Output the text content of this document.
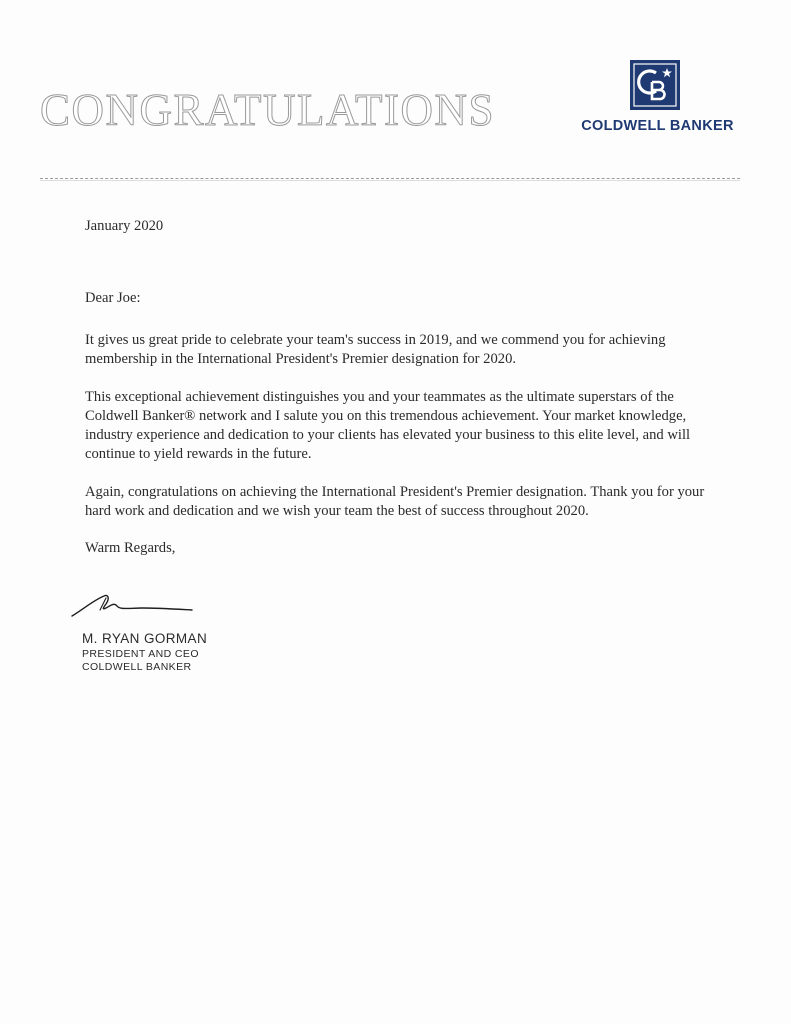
CONGRATULATIONS	COLDWELL BANKER
January 2020
Dear Joe:

It gives us great pride to celebrate your team's success in 2019, and we commend you for achieving membership in the International President's Premier designation for 2020.

This exceptional achievement distinguishes you and your teammates as the ultimate superstars of the Coldwell Banker® network and I salute you on this tremendous achievement. Your market knowledge, industry experience and dedication to your clients has elevated your business to this elite level, and will continue to yield rewards in the future.

Again, congratulations on achieving the International President's Premier designation. Thank you for your hard work and dedication and we wish your team the best of success throughout 2020.

Warm Regards,
M. RYAN GORMAN
PRESIDENT AND CEO
COLDWELL BANKER
